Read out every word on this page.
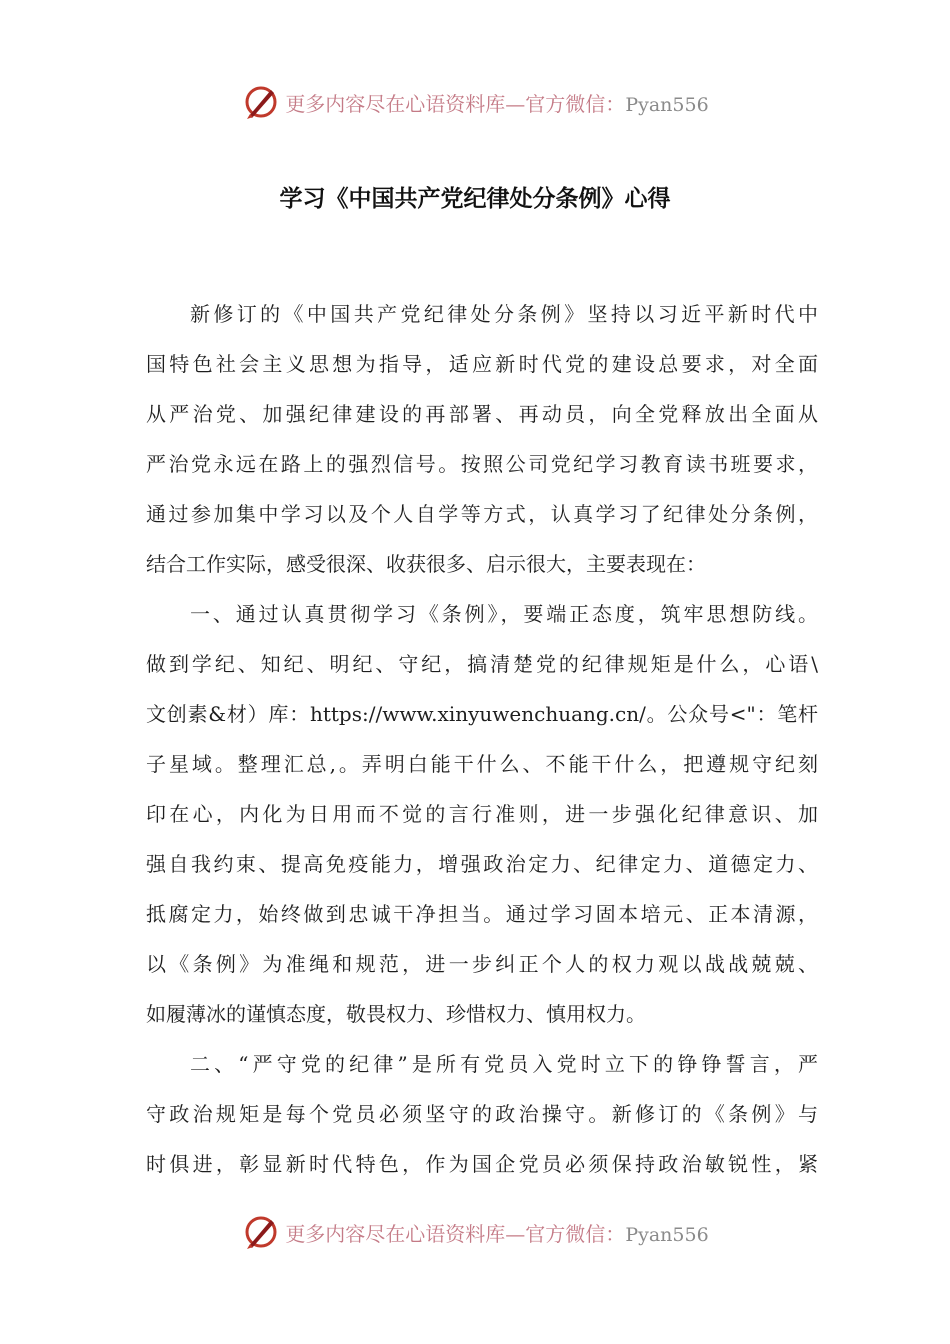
更多内容尽在心语资料库—官方微信：Pyan556
学习《中国共产党纪律处分条例》心得
新修订的《中国共产党纪律处分条例》坚持以习近平新时代中
国特色社会主义思想为指导，适应新时代党的建设总要求，对全面
从严治党、加强纪律建设的再部署、再动员，向全党释放出全面从
严治党永远在路上的强烈信号。按照公司党纪学习教育读书班要求，
通过参加集中学习以及个人自学等方式，认真学习了纪律处分条例，
结合工作实际，感受很深、收获很多、启示很大，主要表现在：
一、通过认真贯彻学习《条例》，要端正态度，筑牢思想防线。
做到学纪、知纪、明纪、守纪，搞清楚党的纪律规矩是什么，心语\
文创素&材）库：https://www.xinyuwenchuang.cn/。公众号<"：笔杆
子星域。整理汇总,。弄明白能干什么、不能干什么，把遵规守纪刻
印在心，内化为日用而不觉的言行准则，进一步强化纪律意识、加
强自我约束、提高免疫能力，增强政治定力、纪律定力、道德定力、
抵腐定力，始终做到忠诚干净担当。通过学习固本培元、正本清源，
以《条例》为准绳和规范，进一步纠正个人的权力观以战战兢兢、
如履薄冰的谨慎态度，敬畏权力、珍惜权力、慎用权力。
二、“严守党的纪律”是所有党员入党时立下的铮铮誓言，严
守政治规矩是每个党员必须坚守的政治操守。新修订的《条例》与
时俱进，彰显新时代特色，作为国企党员必须保持政治敏锐性，紧
更多内容尽在心语资料库—官方微信：Pyan556
